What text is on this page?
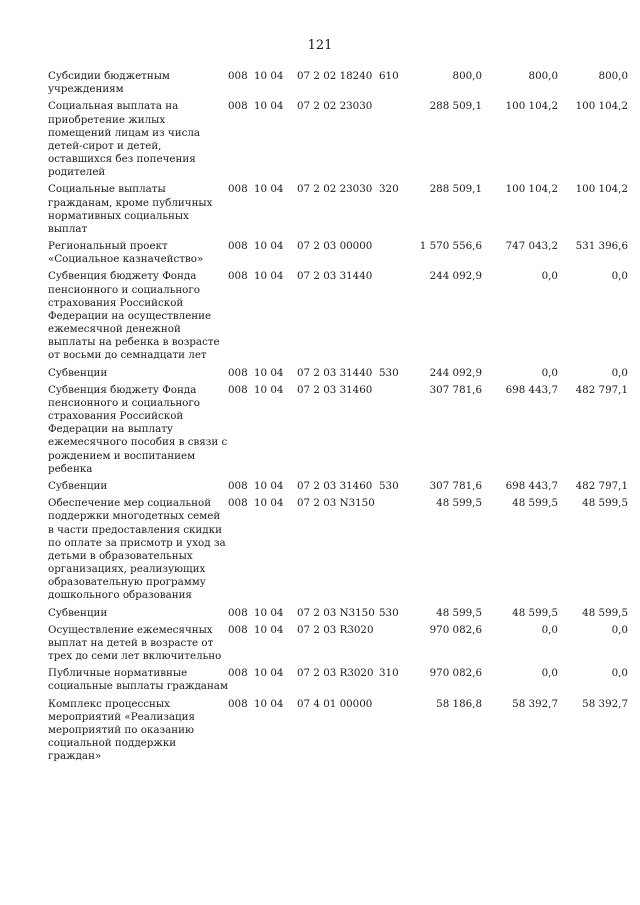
121
Субсидии бюджетным учреждениям	008	10 04	07 2 02 18240	610	800,0	800,0	800,0
Социальная выплата на приобретение жилых помещений лицам из числа детей-сирот и детей, оставшихся без попечения родителей	008	10 04	07 2 02 23030		288 509,1	100 104,2	100 104,2
Социальные выплаты гражданам, кроме публичных нормативных социальных выплат	008	10 04	07 2 02 23030	320	288 509,1	100 104,2	100 104,2
Региональный проект «Социальное казначейство»	008	10 04	07 2 03 00000		1 570 556,6	747 043,2	531 396,6
Субвенция бюджету Фонда пенсионного и социального страхования Российской Федерации на осуществление ежемесячной денежной выплаты на ребенка в возрасте от восьми до семнадцати лет	008	10 04	07 2 03 31440		244 092,9	0,0	0,0
Субвенции	008	10 04	07 2 03 31440	530	244 092,9	0,0	0,0
Субвенция бюджету Фонда пенсионного и социального страхования Российской Федерации на выплату ежемесячного пособия в связи с рождением и воспитанием ребенка	008	10 04	07 2 03 31460		307 781,6	698 443,7	482 797,1
Субвенции	008	10 04	07 2 03 31460	530	307 781,6	698 443,7	482 797,1
Обеспечение мер социальной поддержки многодетных семей в части предоставления скидки по оплате за присмотр и уход за детьми в образовательных организациях, реализующих образовательную программу дошкольного образования	008	10 04	07 2 03 N3150		48 599,5	48 599,5	48 599,5
Субвенции	008	10 04	07 2 03 N3150	530	48 599,5	48 599,5	48 599,5
Осуществление ежемесячных выплат на детей в возрасте от трех до семи лет включительно	008	10 04	07 2 03 R3020		970 082,6	0,0	0,0
Публичные нормативные социальные выплаты гражданам	008	10 04	07 2 03 R3020	310	970 082,6	0,0	0,0
Комплекс процессных мероприятий «Реализация мероприятий по оказанию социальной поддержки граждан»	008	10 04	07 4 01 00000		58 186,8	58 392,7	58 392,7
